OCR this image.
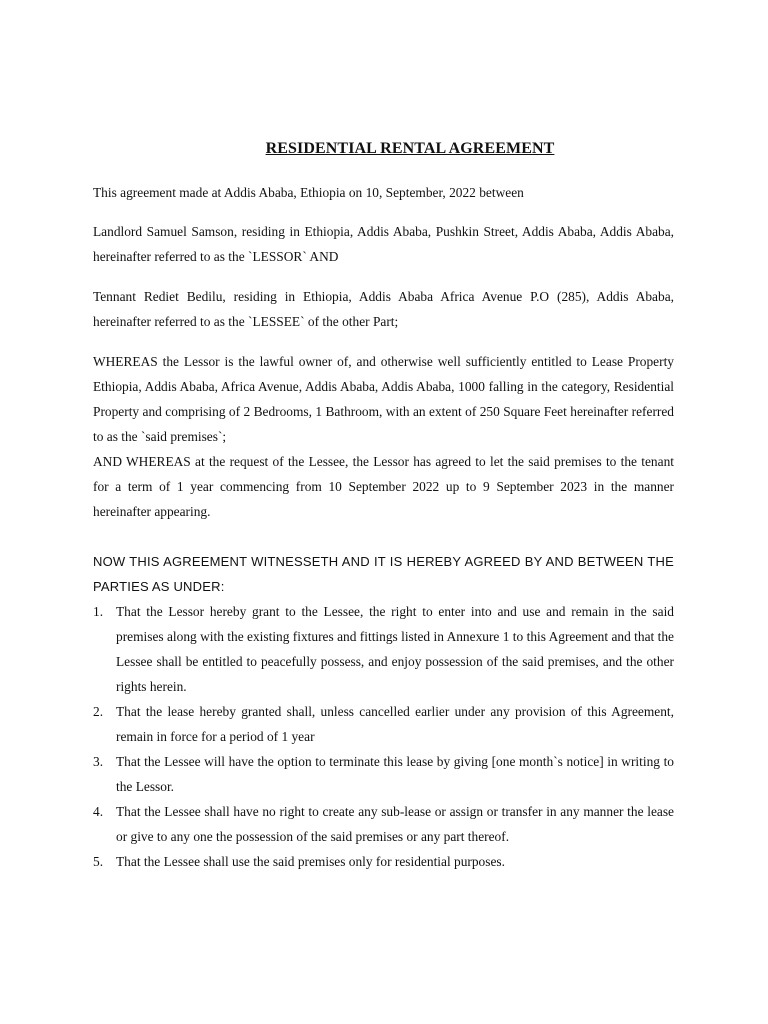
RESIDENTIAL RENTAL AGREEMENT

This agreement made at Addis Ababa, Ethiopia on 10, September, 2022 between

Landlord Samuel Samson, residing in Ethiopia, Addis Ababa, Pushkin Street, Addis Ababa, Addis Ababa, hereinafter referred to as the `LESSOR` AND

Tennant Rediet Bedilu, residing in Ethiopia, Addis Ababa Africa Avenue P.O (285), Addis Ababa, hereinafter referred to as the `LESSEE` of the other Part;

WHEREAS the Lessor is the lawful owner of, and otherwise well sufficiently entitled to Lease Property Ethiopia, Addis Ababa, Africa Avenue, Addis Ababa, Addis Ababa, 1000 falling in the category, Residential Property and comprising of 2 Bedrooms, 1 Bathroom, with an extent of 250 Square Feet hereinafter referred to as the `said premises`;

AND WHEREAS at the request of the Lessee, the Lessor has agreed to let the said premises to the tenant for a term of 1 year commencing from 10 September 2022 up to 9 September 2023 in the manner hereinafter appearing.

NOW THIS AGREEMENT WITNESSETH AND IT IS HEREBY AGREED BY AND BETWEEN THE PARTIES AS UNDER:

1. That the Lessor hereby grant to the Lessee, the right to enter into and use and remain in the said premises along with the existing fixtures and fittings listed in Annexure 1 to this Agreement and that the Lessee shall be entitled to peacefully possess, and enjoy possession of the said premises, and the other rights herein.
2. That the lease hereby granted shall, unless cancelled earlier under any provision of this Agreement, remain in force for a period of 1 year
3. That the Lessee will have the option to terminate this lease by giving [one month`s notice] in writing to the Lessor.
4. That the Lessee shall have no right to create any sub-lease or assign or transfer in any manner the lease or give to any one the possession of the said premises or any part thereof.
5. That the Lessee shall use the said premises only for residential purposes.
